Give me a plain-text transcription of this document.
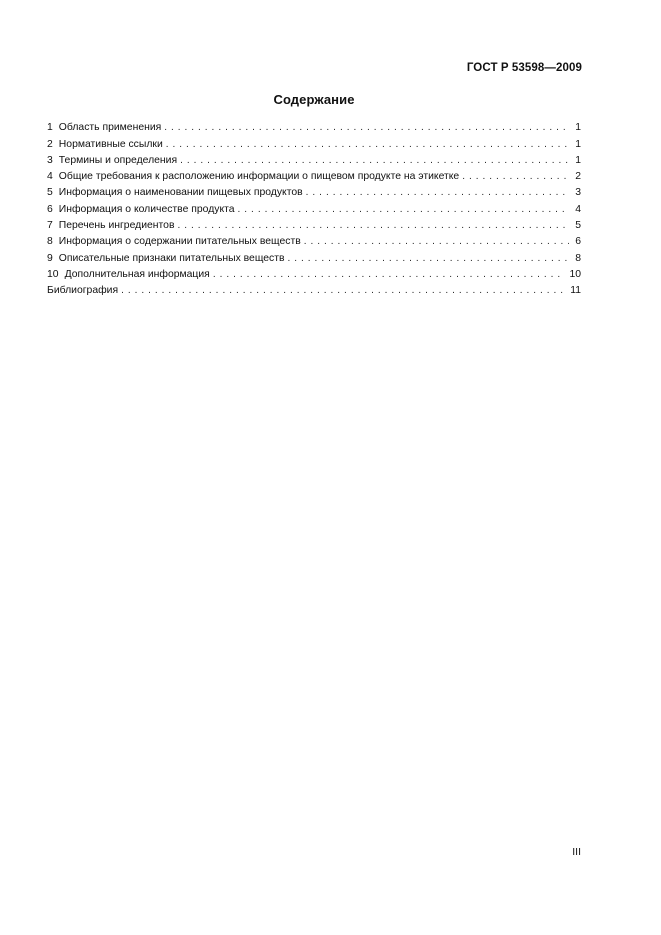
ГОСТ Р 53598—2009
Содержание
1 Область применения . . .	1
2 Нормативные ссылки . . .	1
3 Термины и определения . . .	1
4 Общие требования к расположению информации о пищевом продукте на этикетке . . .	2
5 Информация о наименовании пищевых продуктов . . .	3
6 Информация о количестве продукта . . .	4
7 Перечень ингредиентов . . .	5
8 Информация о содержании питательных веществ . . .	6
9 Описательные признаки питательных веществ . . .	8
10 Дополнительная информация . . .	10
Библиография . . .	11
III
